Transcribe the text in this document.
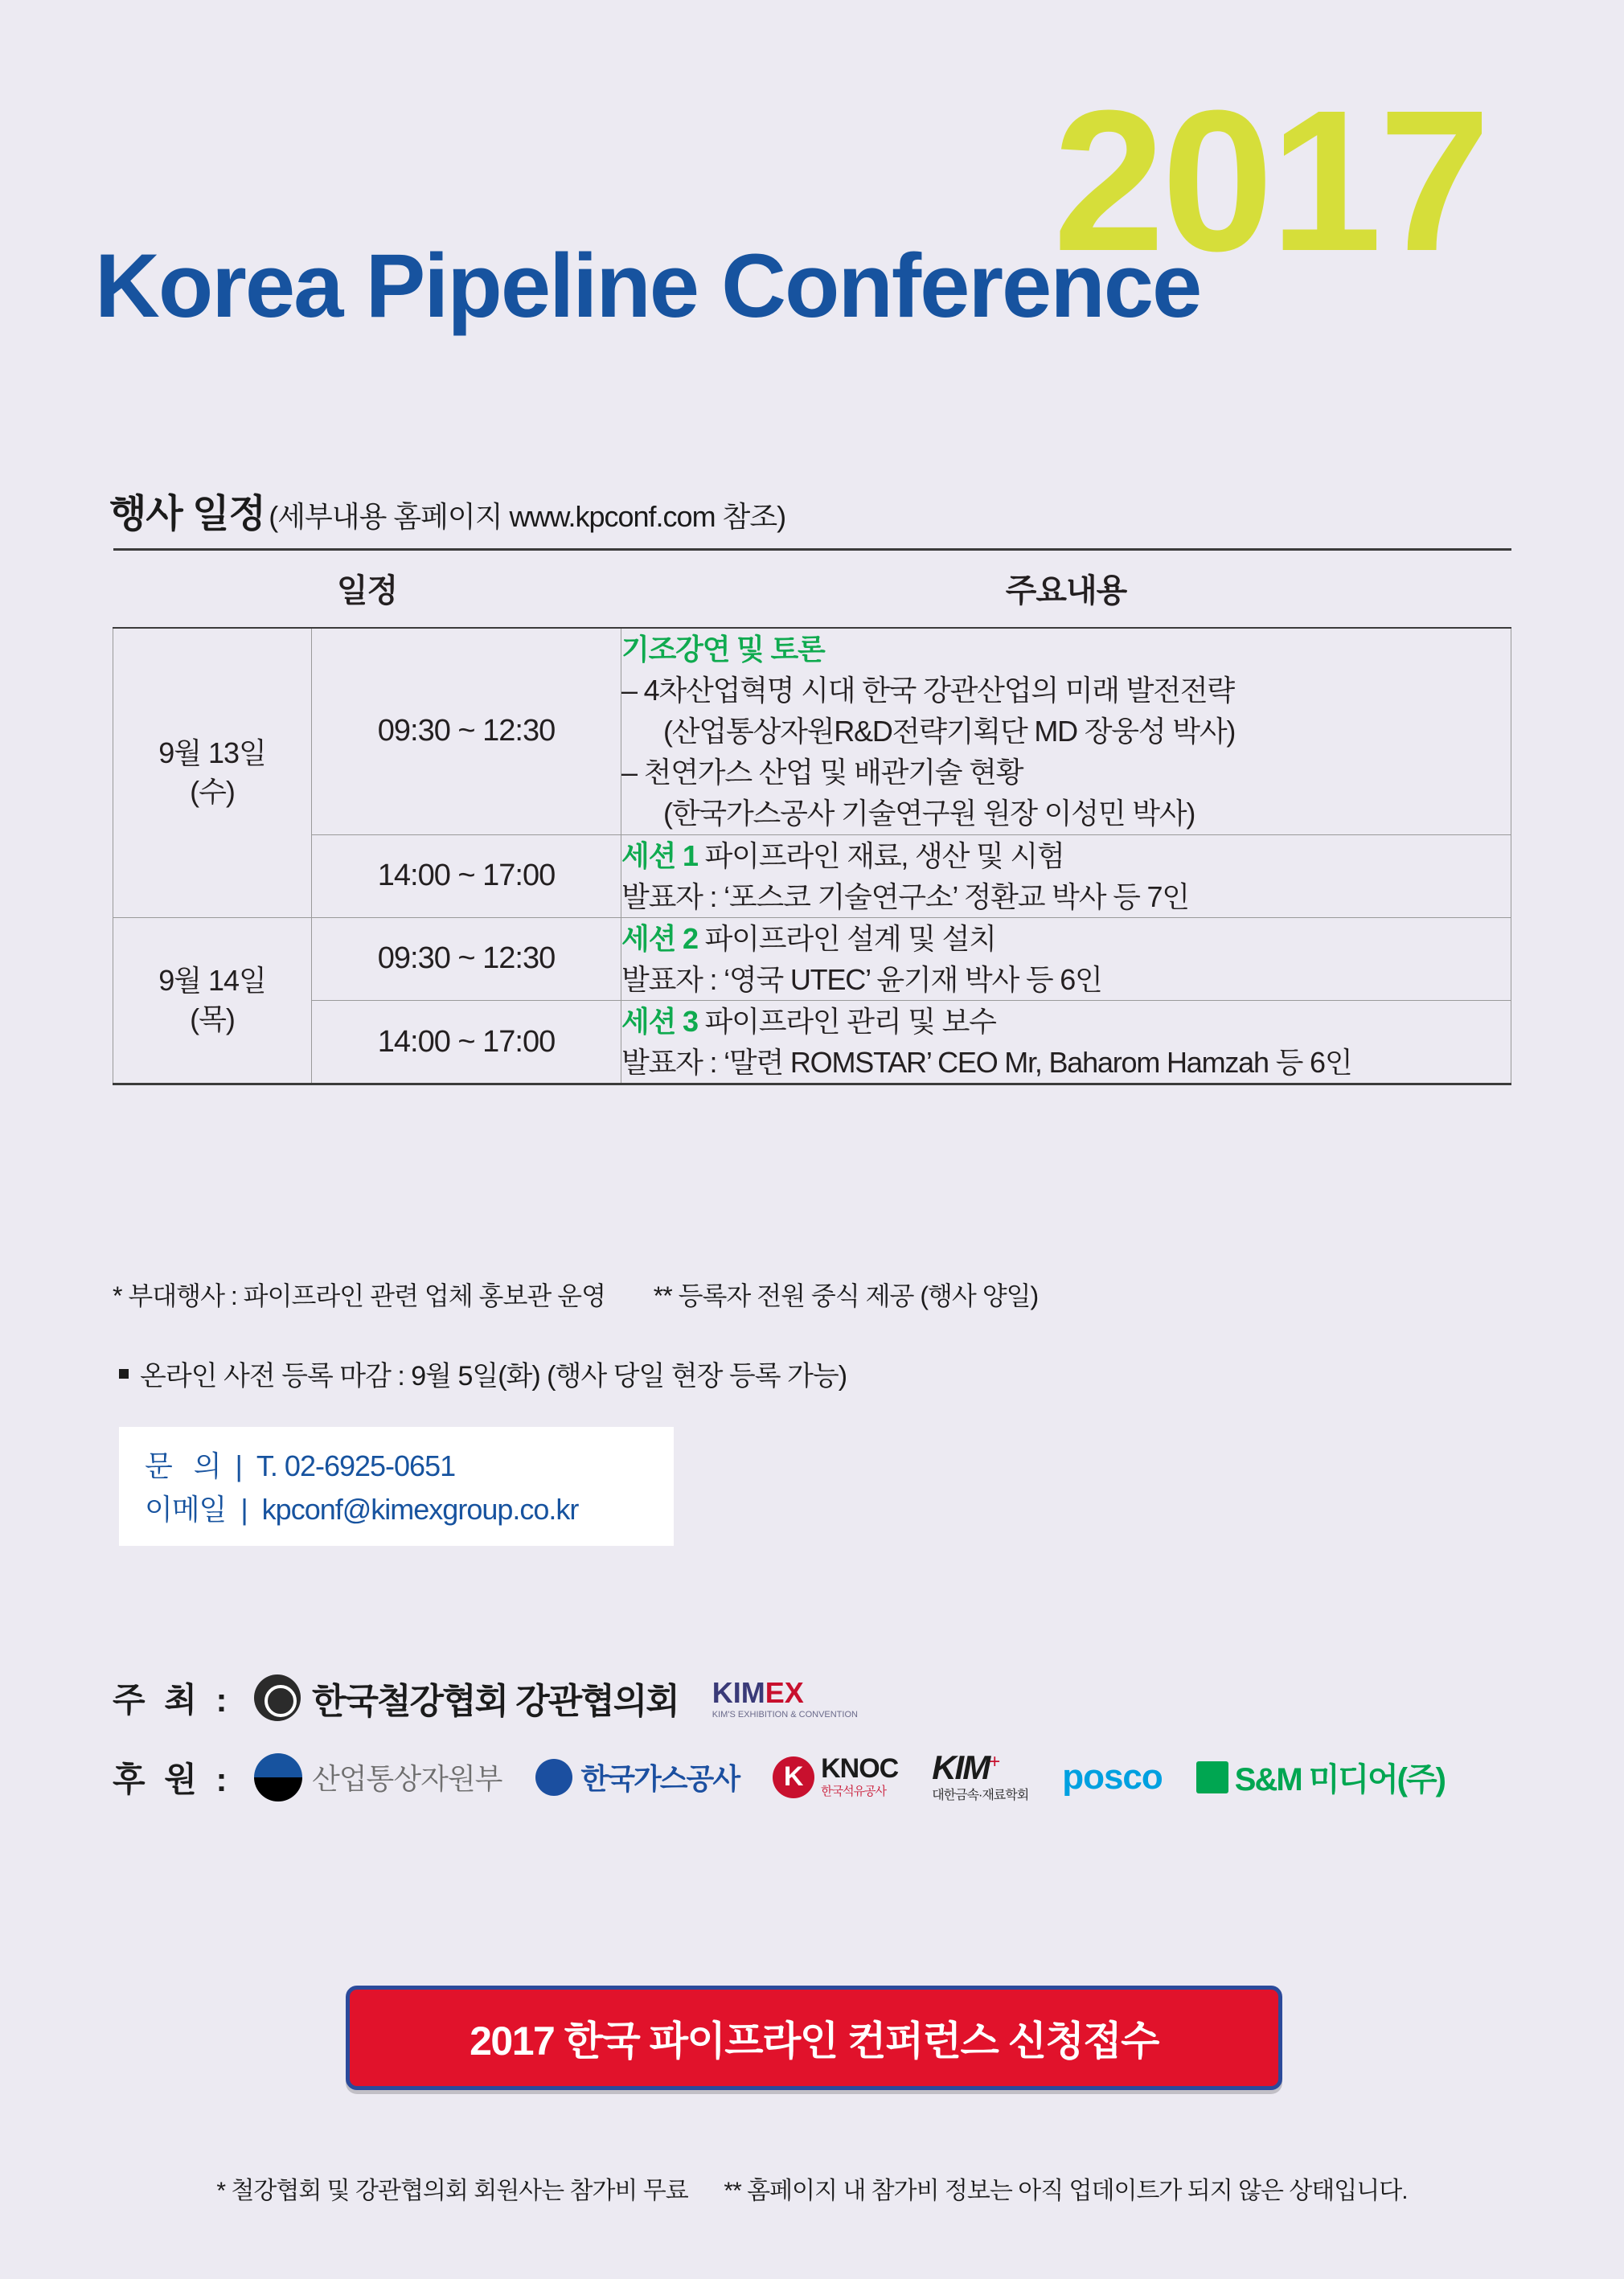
2017
Korea Pipeline Conference
행사 일정 (세부내용 홈페이지 www.kpconf.com 참조)
일정		주요내용
9월 13일
(수)	09:30 ~ 12:30	기조강연 및 토론

– 4차산업혁명 시대 한국 강관산업의 미래 발전전략
(산업통상자원R&D전략기획단 MD 장웅성 박사)
– 천연가스 산업 및 배관기술 현황
(한국가스공사 기술연구원 원장 이성민 박사)

	14:00 ~ 17:00	세션 1 파이프라인 재료, 생산 및 시험
발표자 : ‘포스코 기술연구소’ 정환교 박사 등 7인
9월 14일
(목)	09:30 ~ 12:30	세션 2 파이프라인 설계 및 설치
발표자 : ‘영국 UTEC’ 윤기재 박사 등 6인
	14:00 ~ 17:00	세션 3 파이프라인 관리 및 보수
발표자 : ‘말련 ROMSTAR’ CEO Mr, Baharom Hamzah 등 6인
* 부대행사 : 파이프라인 관련 업체 홍보관 운영 ** 등록자 전원 중식 제공 (행사 양일)
온라인 사전 등록 마감 : 9월 5일(화) (행사 당일 현장 등록 가능)
문   의  |  T. 02-6925-0651
이메일  |  kpconf@kimexgroup.co.kr
주 최 :	한국철강협회 강관협의회 KIMEX
KIM'S EXHIBITION & CONVENTION
후 원 :	산업통상자원부	한국가스공사	K KNOC
한국석유공사
KIM+
대한금속·재료학회 posco S&M 미디어(주)
2017 한국 파이프라인 컨퍼런스 신청접수
* 철강협회 및 강관협의회 회원사는 참가비 무료 ** 홈페이지 내 참가비 정보는 아직 업데이트가 되지 않은 상태입니다.
